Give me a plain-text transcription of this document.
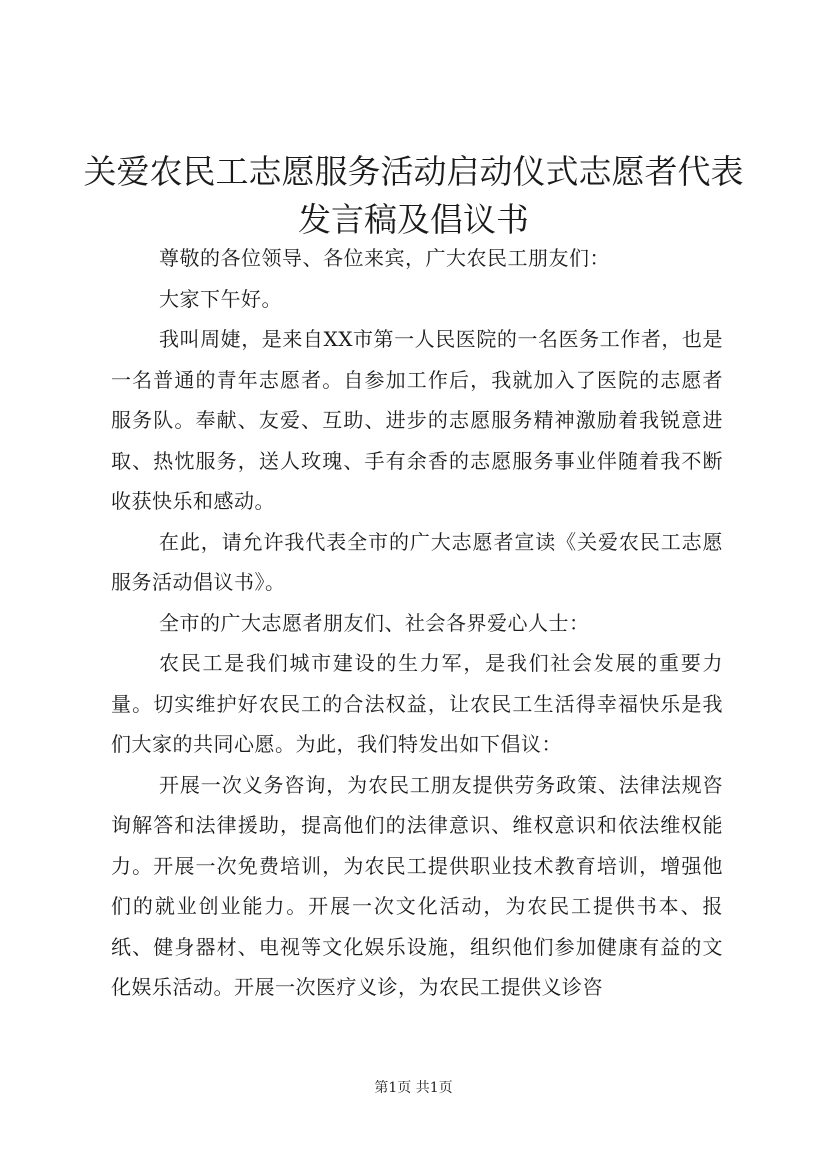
关爱农民工志愿服务活动启动仪式志愿者代表
发言稿及倡议书

尊敬的各位领导、各位来宾，广大农民工朋友们：

大家下午好。

我叫周婕，是来自XX市第一人民医院的一名医务工作者，也是一名普通的青年志愿者。自参加工作后，我就加入了医院的志愿者服务队。奉献、友爱、互助、进步的志愿服务精神激励着我锐意进取、热忱服务，送人玫瑰、手有余香的志愿服务事业伴随着我不断收获快乐和感动。

在此，请允许我代表全市的广大志愿者宣读《关爱农民工志愿服务活动倡议书》。

全市的广大志愿者朋友们、社会各界爱心人士：

农民工是我们城市建设的生力军，是我们社会发展的重要力量。切实维护好农民工的合法权益，让农民工生活得幸福快乐是我们大家的共同心愿。为此，我们特发出如下倡议：

开展一次义务咨询，为农民工朋友提供劳务政策、法律法规咨询解答和法律援助，提高他们的法律意识、维权意识和依法维权能力。开展一次免费培训，为农民工提供职业技术教育培训，增强他们的就业创业能力。开展一次文化活动，为农民工提供书本、报纸、健身器材、电视等文化娱乐设施，组织他们参加健康有益的文化娱乐活动。开展一次医疗义诊，为农民工提供义诊咨

第1页 共1页
